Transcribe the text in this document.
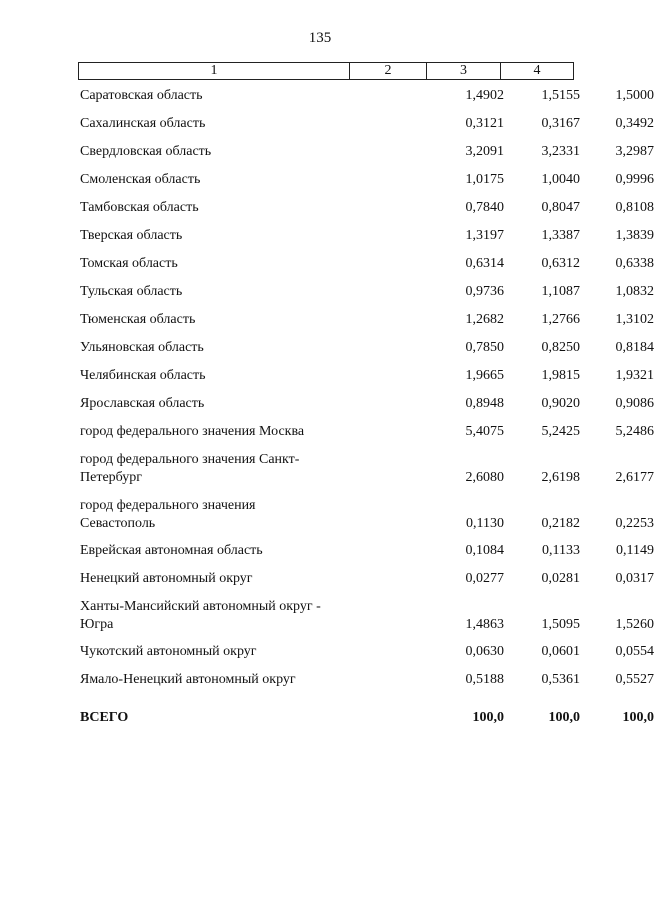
135
1	2	3	4
Саратовская область	1,4902	1,5155	1,5000
Сахалинская область	0,3121	0,3167	0,3492
Свердловская область	3,2091	3,2331	3,2987
Смоленская область	1,0175	1,0040	0,9996
Тамбовская область	0,7840	0,8047	0,8108
Тверская область	1,3197	1,3387	1,3839
Томская область	0,6314	0,6312	0,6338
Тульская область	0,9736	1,1087	1,0832
Тюменская область	1,2682	1,2766	1,3102
Ульяновская область	0,7850	0,8250	0,8184
Челябинская область	1,9665	1,9815	1,9321
Ярославская область	0,8948	0,9020	0,9086
город федерального значения Москва	5,4075	5,2425	5,2486
город федерального значения Санкт-
Петербург	2,6080	2,6198	2,6177
город федерального значения
Севастополь	0,1130	0,2182	0,2253
Еврейская автономная область	0,1084	0,1133	0,1149
Ненецкий автономный округ	0,0277	0,0281	0,0317
Ханты-Мансийский автономный округ -
Югра	1,4863	1,5095	1,5260
Чукотский автономный округ	0,0630	0,0601	0,0554
Ямало-Ненецкий автономный округ	0,5188	0,5361	0,5527
ВСЕГО	100,0	100,0	100,0
